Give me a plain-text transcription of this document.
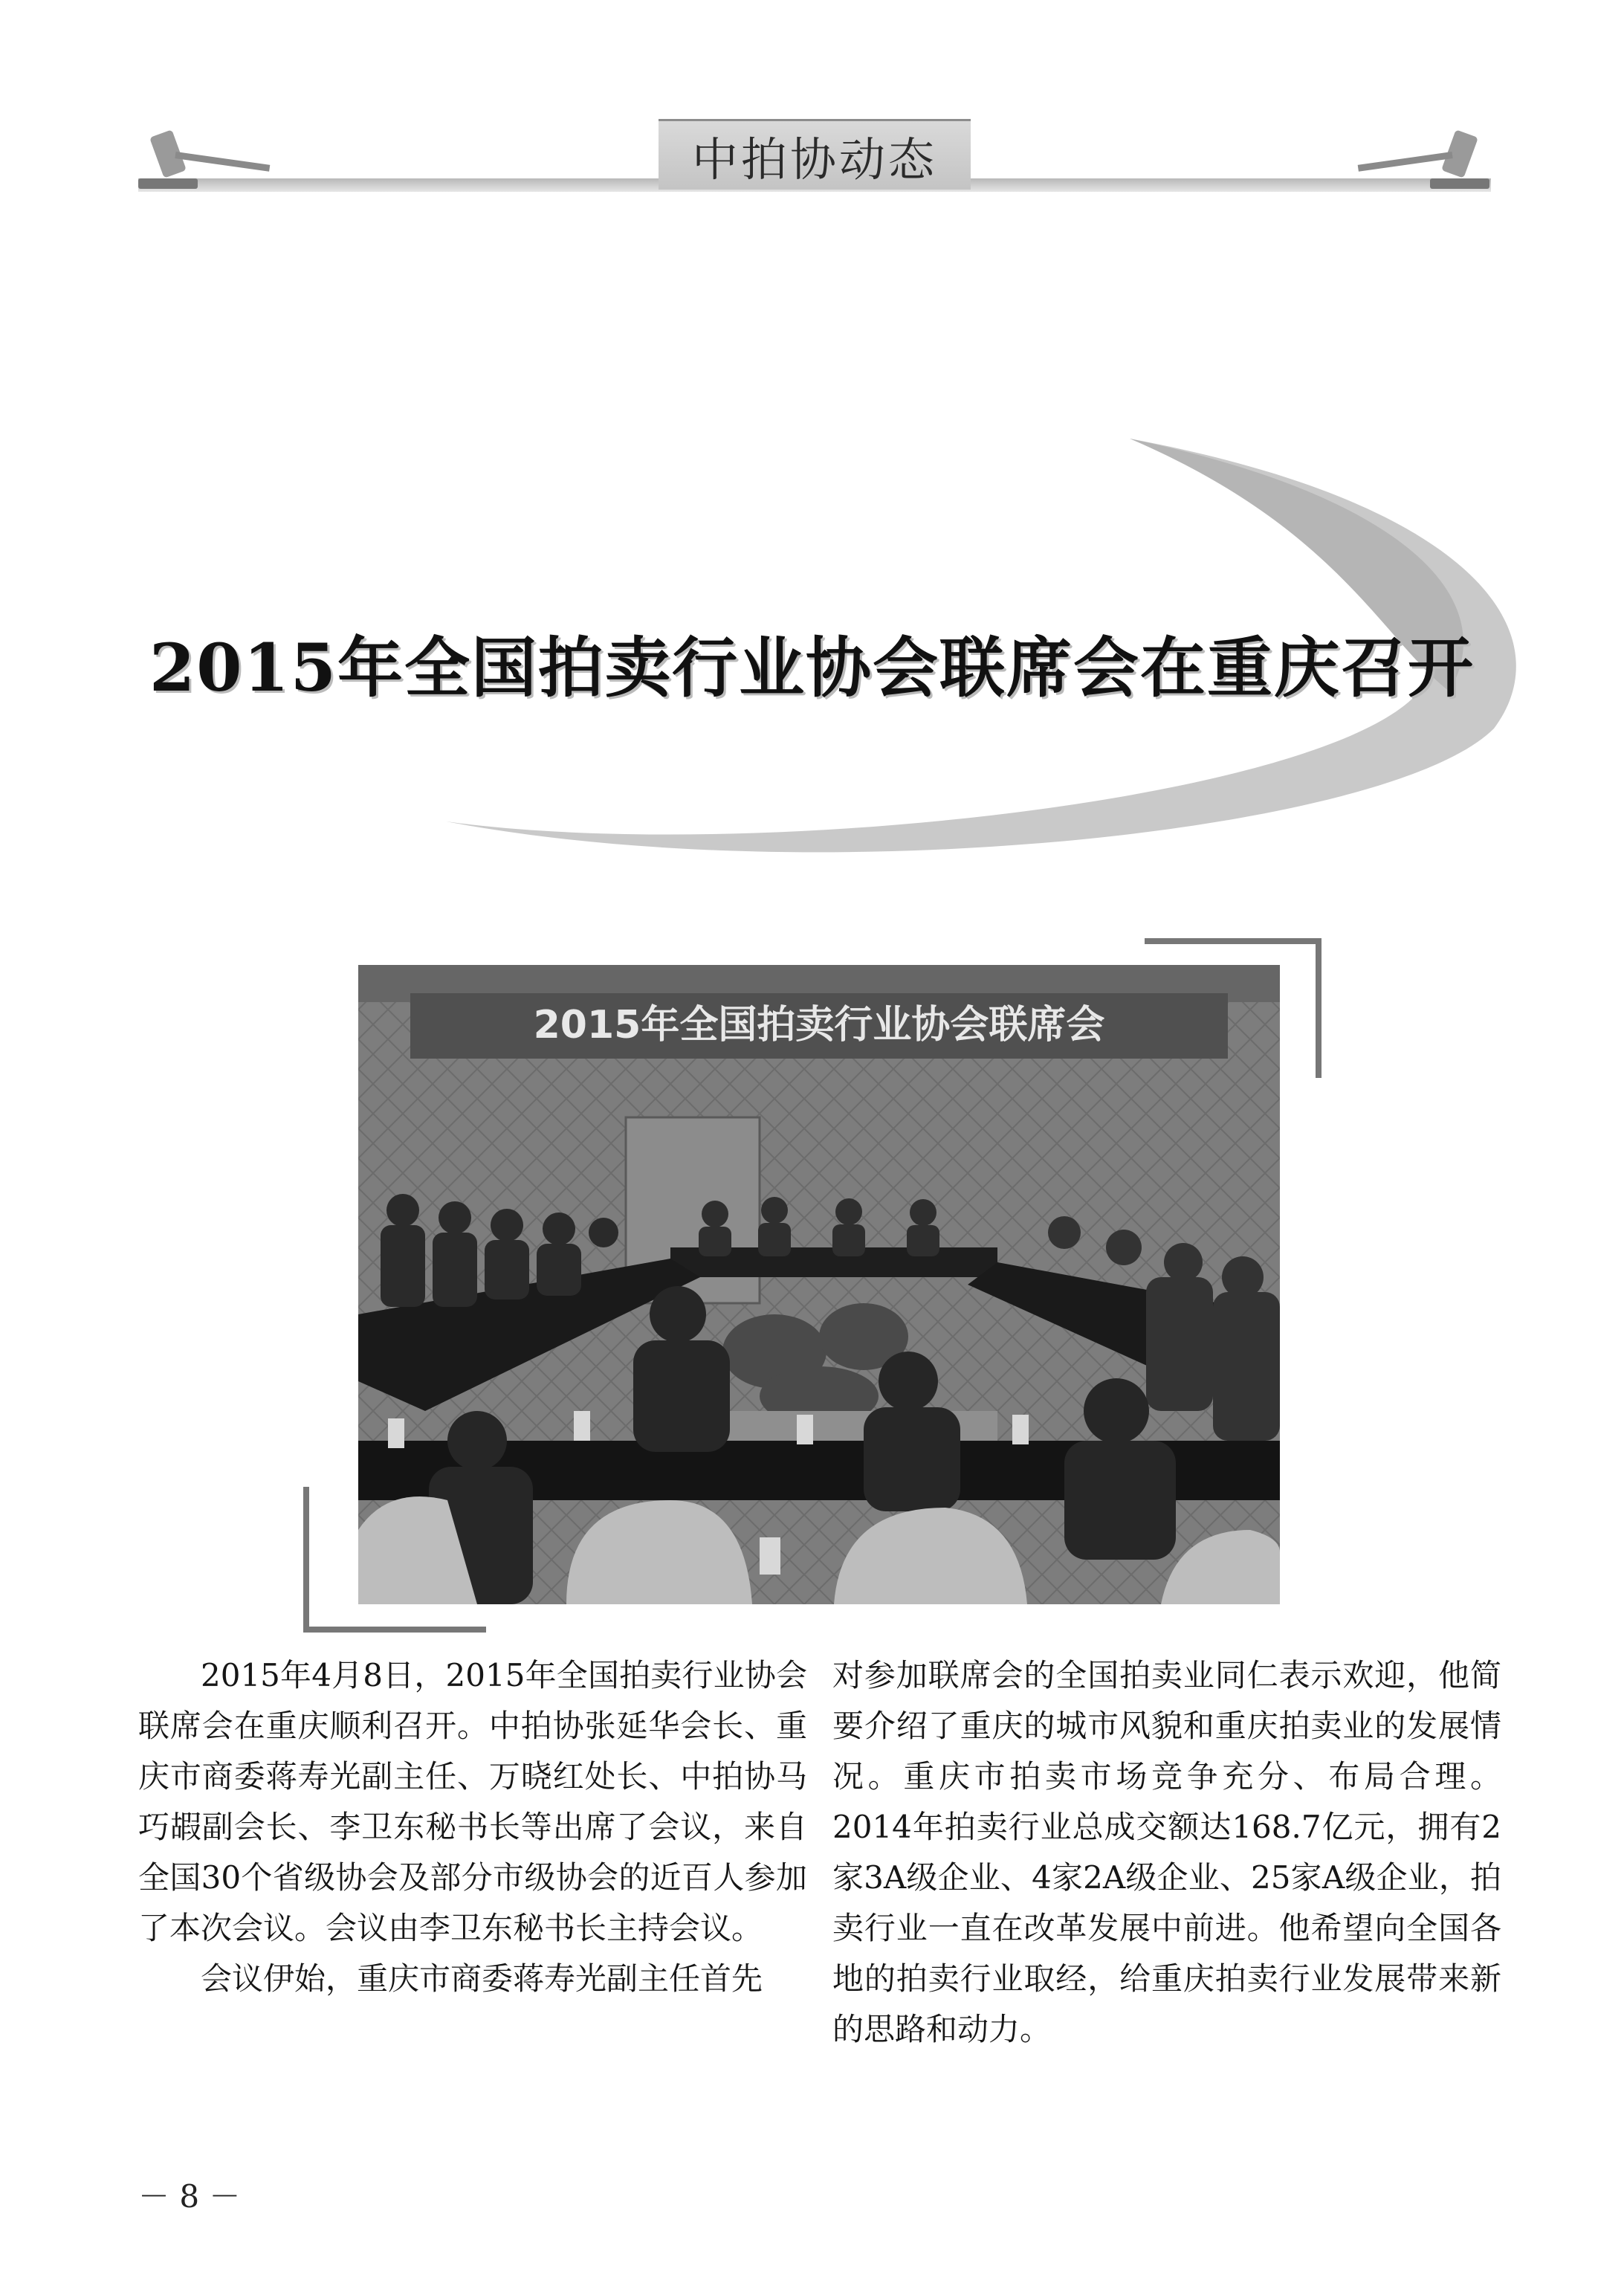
中拍协动态
2015年全国拍卖行业协会联席会在重庆召开
2015年全国拍卖行业协会联席会

2015年4月8日，2015年全国拍卖行业协会联席会在重庆顺利召开。中拍协张延华会长、重庆市商委蒋寿光副主任、万晓红处长、中拍协马巧嘏副会长、李卫东秘书长等出席了会议，来自全国30个省级协会及部分市级协会的近百人参加了本次会议。会议由李卫东秘书长主持会议。

会议伊始，重庆市商委蒋寿光副主任首先

对参加联席会的全国拍卖业同仁表示欢迎，他简要介绍了重庆的城市风貌和重庆拍卖业的发展情况。重庆市拍卖市场竞争充分、布局合理。2014年拍卖行业总成交额达168.7亿元，拥有2家3A级企业、4家2A级企业、25家A级企业，拍卖行业一直在改革发展中前进。他希望向全国各地的拍卖行业取经，给重庆拍卖行业发展带来新的思路和动力。

－ 8 －
